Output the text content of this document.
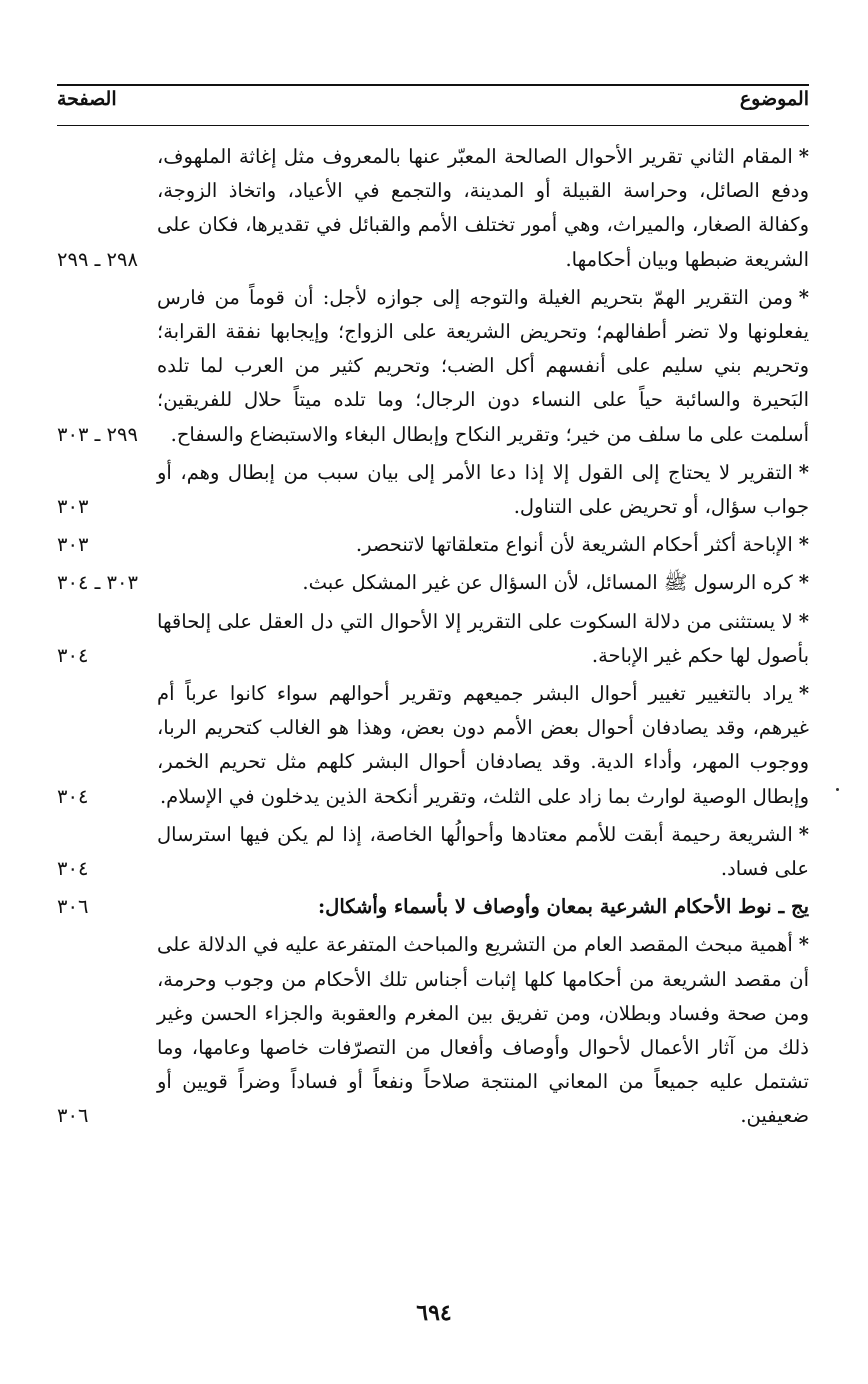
الموضوع
الصفحة
*المقام الثاني تقرير الأحوال الصالحة المعبّر عنها بالمعروف مثل إغاثة الملهوف، ودفع الصائل، وحراسة القبيلة أو المدينة، والتجمع في الأعياد، واتخاذ الزوجة، وكفالة الصغار، والميراث، وهي أمور تختلف الأمم والقبائل في تقديرها، فكان على الشريعة ضبطها وبيان أحكامها.
٢٩٨ ـ ٢٩٩
*ومن التقرير الهمّ بتحريم الغيلة والتوجه إلى جوازه لأجل: أن قوماً من فارس يفعلونها ولا تضر أطفالهم؛ وتحريض الشريعة على الزواج؛ وإيجابها نفقة القرابة؛ وتحريم بني سليم على أنفسهم أكل الضب؛ وتحريم كثير من العرب لما تلده البَحيرة والسائبة حياً على النساء دون الرجال؛ وما تلده ميتاً حلال للفريقين؛ أسلمت على ما سلف من خير؛ وتقرير النكاح وإبطال البغاء والاستبضاع والسفاح.
٢٩٩ ـ ٣٠٣
*التقرير لا يحتاج إلى القول إلا إذا دعا الأمر إلى بيان سبب من إبطال وهم، أو جواب سؤال، أو تحريض على التناول.
٣٠٣
*الإباحة أكثر أحكام الشريعة لأن أنواع متعلقاتها لاتنحصر.
٣٠٣
*كره الرسول ﷺ المسائل، لأن السؤال عن غير المشكل عبث.
٣٠٣ ـ ٣٠٤
*لا يستثنى من دلالة السكوت على التقرير إلا الأحوال التي دل العقل على إلحاقها بأصول لها حكم غير الإباحة.
٣٠٤
*يراد بالتغيير تغيير أحوال البشر جميعهم وتقرير أحوالهم سواء كانوا عرباً أم غيرهم، وقد يصادفان أحوال بعض الأمم دون بعض، وهذا هو الغالب كتحريم الربا، ووجوب المهر، وأداء الدية. وقد يصادفان أحوال البشر كلهم مثل تحريم الخمر، وإبطال الوصية لوارث بما زاد على الثلث، وتقرير أنكحة الذين يدخلون في الإسلام.
٣٠٤
*الشريعة رحيمة أبقت للأمم معتادها وأحوالُها الخاصة، إذا لم يكن فيها استرسال على فساد.
٣٠٤
يج ـ نوط الأحكام الشرعية بمعان وأوصاف لا بأسماء وأشكال:
٣٠٦
*أهمية مبحث المقصد العام من التشريع والمباحث المتفرعة عليه في الدلالة على أن مقصد الشريعة من أحكامها كلها إثبات أجناس تلك الأحكام من وجوب وحرمة، ومن صحة وفساد وبطلان، ومن تفريق بين المغرم والعقوبة والجزاء الحسن وغير ذلك من آثار الأعمال لأحوال وأوصاف وأفعال من التصرّفات خاصها وعامها، وما تشتمل عليه جميعاً من المعاني المنتجة صلاحاً ونفعاً أو فساداً وضراً قويين أو ضعيفين.
٣٠٦
٦٩٤
